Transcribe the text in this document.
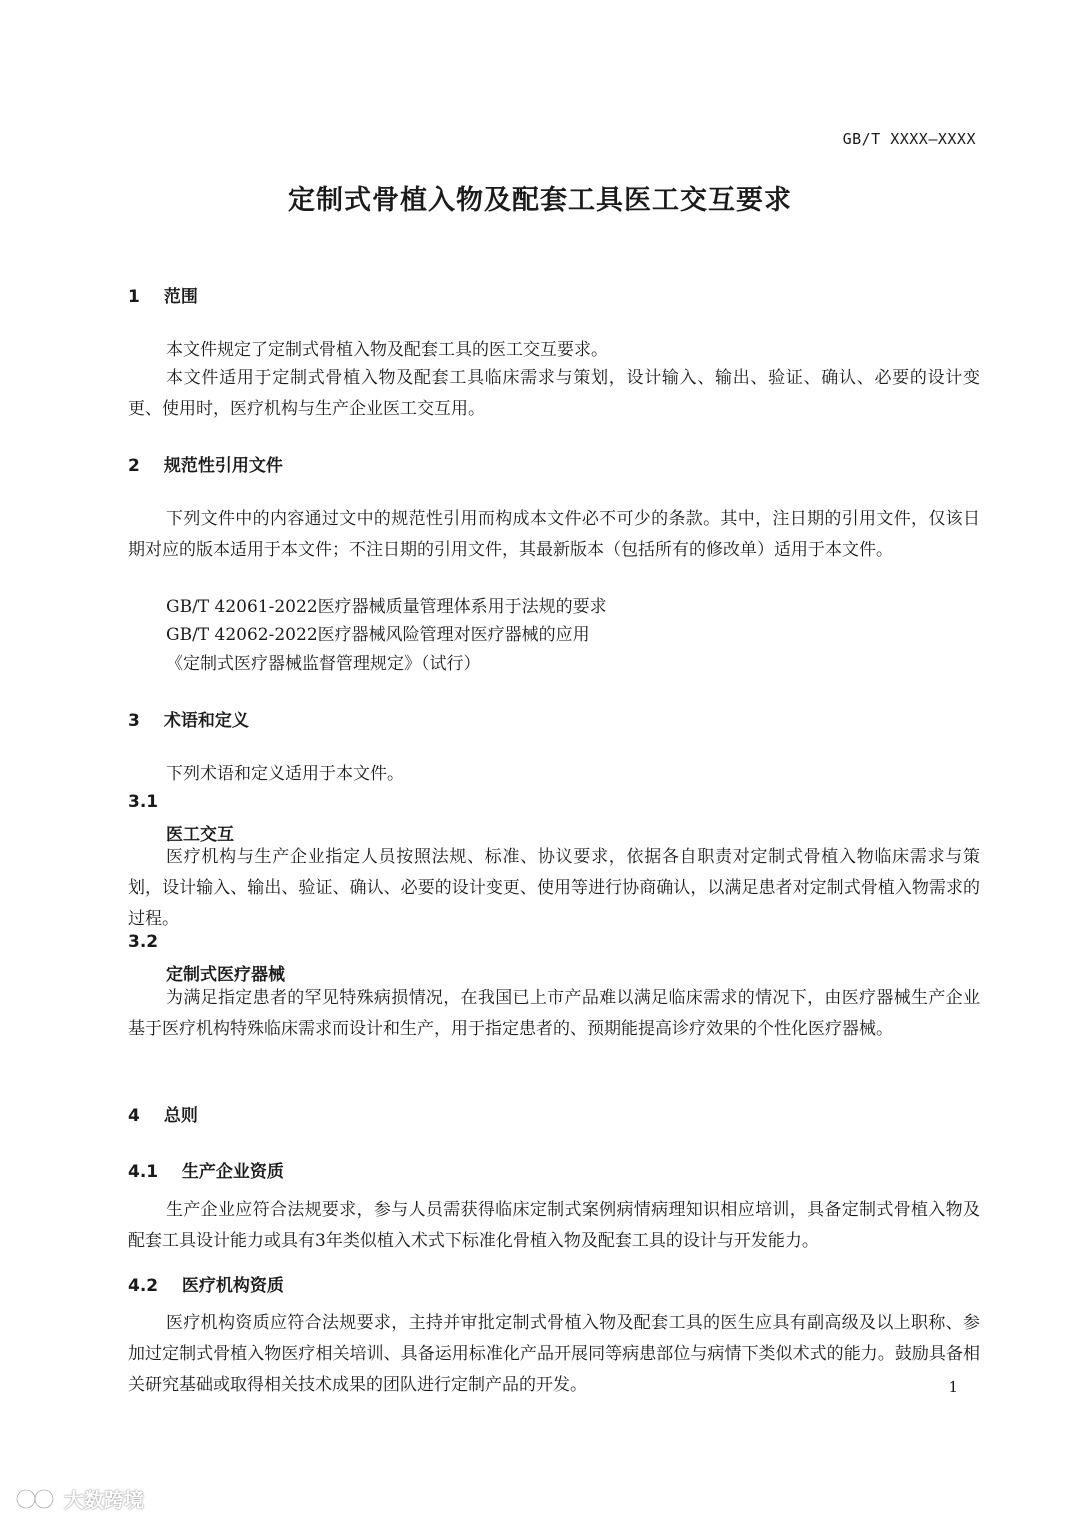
GB/T XXXX—XXXX
定制式骨植入物及配套工具医工交互要求
1 范围

本文件规定了定制式骨植入物及配套工具的医工交互要求。

本文件适用于定制式骨植入物及配套工具临床需求与策划，设计输入、输出、验证、确认、必要的设计变更、使用时，医疗机构与生产企业医工交互用。

2 规范性引用文件

下列文件中的内容通过文中的规范性引用而构成本文件必不可少的条款。其中，注日期的引用文件，仅该日期对应的版本适用于本文件；不注日期的引用文件，其最新版本（包括所有的修改单）适用于本文件。

GB/T 42061-2022医疗器械质量管理体系用于法规的要求

GB/T 42062-2022医疗器械风险管理对医疗器械的应用

《定制式医疗器械监督管理规定》（试行）

3 术语和定义

下列术语和定义适用于本文件。

3.1
医工交互

医疗机构与生产企业指定人员按照法规、标准、协议要求，依据各自职责对定制式骨植入物临床需求与策划，设计输入、输出、验证、确认、必要的设计变更、使用等进行协商确认，以满足患者对定制式骨植入物需求的过程。

3.2
定制式医疗器械

为满足指定患者的罕见特殊病损情况，在我国已上市产品难以满足临床需求的情况下，由医疗器械生产企业基于医疗机构特殊临床需求而设计和生产，用于指定患者的、预期能提高诊疗效果的个性化医疗器械。

4 总则
4.1 生产企业资质

生产企业应符合法规要求，参与人员需获得临床定制式案例病情病理知识相应培训，具备定制式骨植入物及配套工具设计能力或具有3年类似植入术式下标准化骨植入物及配套工具的设计与开发能力。

4.2 医疗机构资质

医疗机构资质应符合法规要求，主持并审批定制式骨植入物及配套工具的医生应具有副高级及以上职称、参加过定制式骨植入物医疗相关培训、具备运用标准化产品开展同等病患部位与病情下类似术式的能力。鼓励具备相关研究基础或取得相关技术成果的团队进行定制产品的开发。	1
大数跨境
